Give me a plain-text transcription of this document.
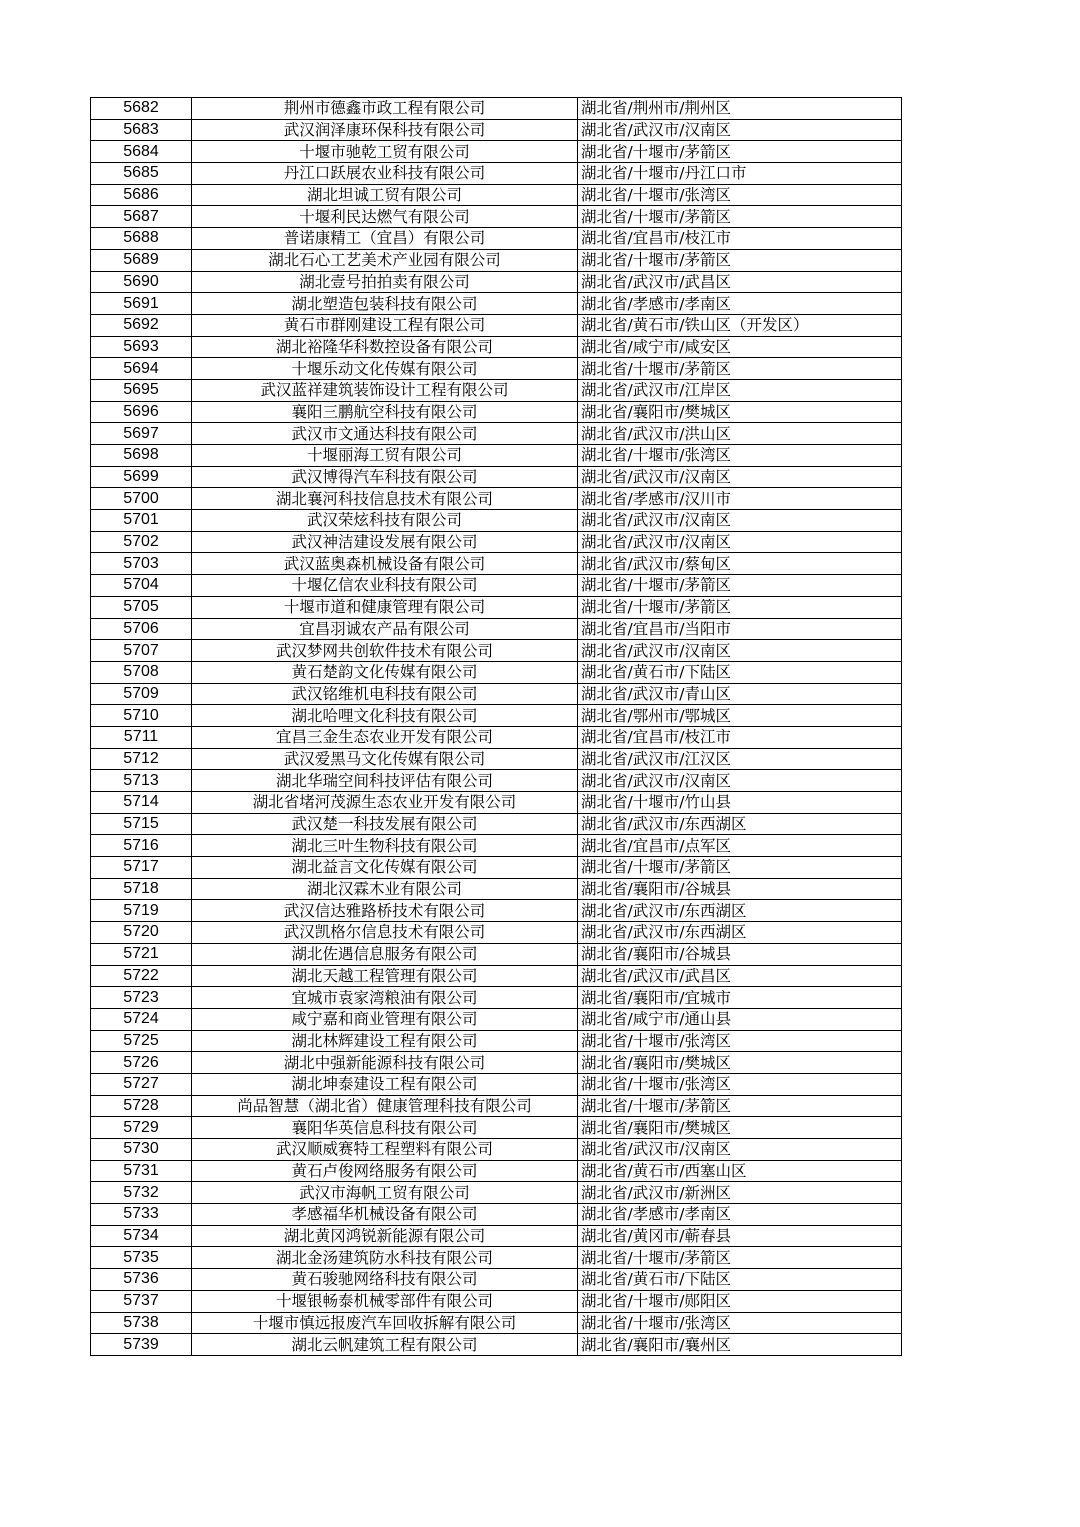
5682	荆州市德鑫市政工程有限公司	湖北省/荆州市/荆州区
5683	武汉润泽康环保科技有限公司	湖北省/武汉市/汉南区
5684	十堰市驰乾工贸有限公司	湖北省/十堰市/茅箭区
5685	丹江口跃展农业科技有限公司	湖北省/十堰市/丹江口市
5686	湖北坦诚工贸有限公司	湖北省/十堰市/张湾区
5687	十堰利民达燃气有限公司	湖北省/十堰市/茅箭区
5688	普诺康精工（宜昌）有限公司	湖北省/宜昌市/枝江市
5689	湖北石心工艺美术产业园有限公司	湖北省/十堰市/茅箭区
5690	湖北壹号拍拍卖有限公司	湖北省/武汉市/武昌区
5691	湖北塑造包装科技有限公司	湖北省/孝感市/孝南区
5692	黄石市群刚建设工程有限公司	湖北省/黄石市/铁山区（开发区）
5693	湖北裕隆华科数控设备有限公司	湖北省/咸宁市/咸安区
5694	十堰乐动文化传媒有限公司	湖北省/十堰市/茅箭区
5695	武汉蓝祥建筑装饰设计工程有限公司	湖北省/武汉市/江岸区
5696	襄阳三鹏航空科技有限公司	湖北省/襄阳市/樊城区
5697	武汉市文通达科技有限公司	湖北省/武汉市/洪山区
5698	十堰丽海工贸有限公司	湖北省/十堰市/张湾区
5699	武汉博得汽车科技有限公司	湖北省/武汉市/汉南区
5700	湖北襄河科技信息技术有限公司	湖北省/孝感市/汉川市
5701	武汉荣炫科技有限公司	湖北省/武汉市/汉南区
5702	武汉神洁建设发展有限公司	湖北省/武汉市/汉南区
5703	武汉蓝奥森机械设备有限公司	湖北省/武汉市/蔡甸区
5704	十堰亿信农业科技有限公司	湖北省/十堰市/茅箭区
5705	十堰市道和健康管理有限公司	湖北省/十堰市/茅箭区
5706	宜昌羽诚农产品有限公司	湖北省/宜昌市/当阳市
5707	武汉梦网共创软件技术有限公司	湖北省/武汉市/汉南区
5708	黄石楚韵文化传媒有限公司	湖北省/黄石市/下陆区
5709	武汉铭维机电科技有限公司	湖北省/武汉市/青山区
5710	湖北哈哩文化科技有限公司	湖北省/鄂州市/鄂城区
5711	宜昌三金生态农业开发有限公司	湖北省/宜昌市/枝江市
5712	武汉爱黑马文化传媒有限公司	湖北省/武汉市/江汉区
5713	湖北华瑞空间科技评估有限公司	湖北省/武汉市/汉南区
5714	湖北省堵河茂源生态农业开发有限公司	湖北省/十堰市/竹山县
5715	武汉楚一科技发展有限公司	湖北省/武汉市/东西湖区
5716	湖北三叶生物科技有限公司	湖北省/宜昌市/点军区
5717	湖北益言文化传媒有限公司	湖北省/十堰市/茅箭区
5718	湖北汉霖木业有限公司	湖北省/襄阳市/谷城县
5719	武汉信达雅路桥技术有限公司	湖北省/武汉市/东西湖区
5720	武汉凯格尔信息技术有限公司	湖北省/武汉市/东西湖区
5721	湖北佐遇信息服务有限公司	湖北省/襄阳市/谷城县
5722	湖北天越工程管理有限公司	湖北省/武汉市/武昌区
5723	宜城市袁家湾粮油有限公司	湖北省/襄阳市/宜城市
5724	咸宁嘉和商业管理有限公司	湖北省/咸宁市/通山县
5725	湖北林辉建设工程有限公司	湖北省/十堰市/张湾区
5726	湖北中强新能源科技有限公司	湖北省/襄阳市/樊城区
5727	湖北坤泰建设工程有限公司	湖北省/十堰市/张湾区
5728	尚品智慧（湖北省）健康管理科技有限公司	湖北省/十堰市/茅箭区
5729	襄阳华英信息科技有限公司	湖北省/襄阳市/樊城区
5730	武汉顺威赛特工程塑料有限公司	湖北省/武汉市/汉南区
5731	黄石卢俊网络服务有限公司	湖北省/黄石市/西塞山区
5732	武汉市海帆工贸有限公司	湖北省/武汉市/新洲区
5733	孝感福华机械设备有限公司	湖北省/孝感市/孝南区
5734	湖北黄冈鸿锐新能源有限公司	湖北省/黄冈市/蕲春县
5735	湖北金汤建筑防水科技有限公司	湖北省/十堰市/茅箭区
5736	黄石骏驰网络科技有限公司	湖北省/黄石市/下陆区
5737	十堰银畅泰机械零部件有限公司	湖北省/十堰市/郧阳区
5738	十堰市慎远报废汽车回收拆解有限公司	湖北省/十堰市/张湾区
5739	湖北云帆建筑工程有限公司	湖北省/襄阳市/襄州区
